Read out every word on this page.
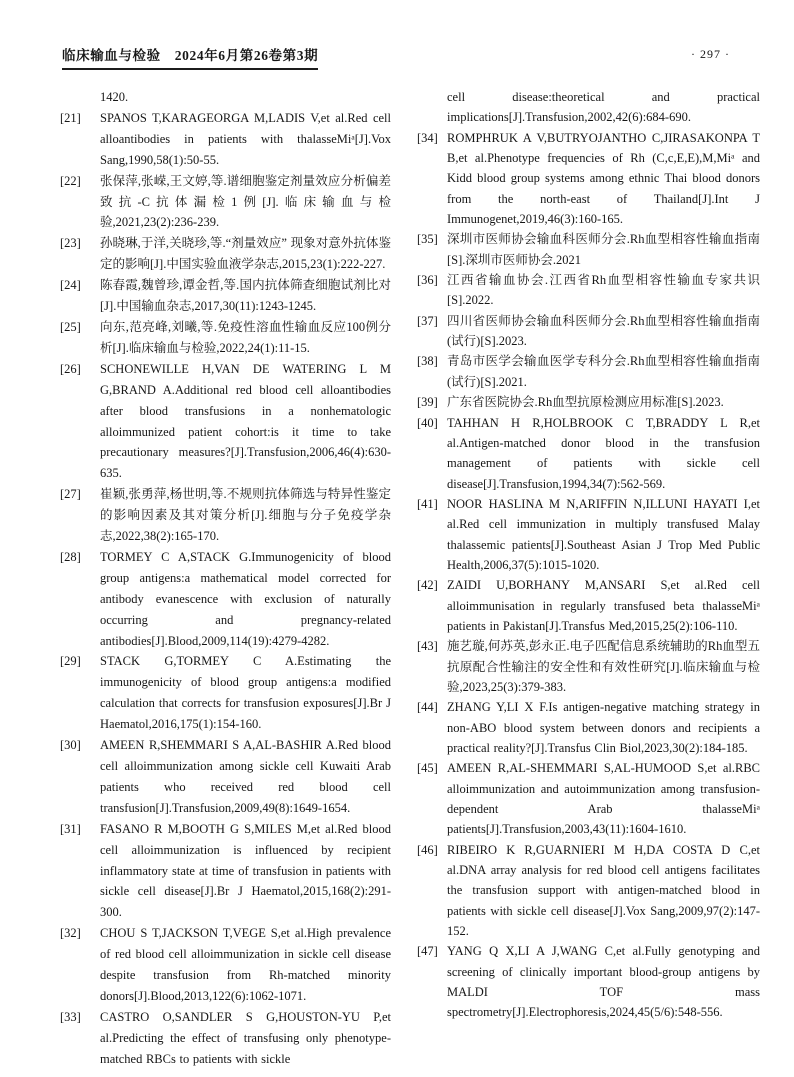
临床输血与检验　2024年6月第26卷第3期	· 297 ·

1420.

[21] SPANOS T,KARAGEORGA M,LADIS V,et al.Red cell alloantibodies in patients with thalasseMiᵃ[J].Vox Sang,1990,58(1):50-55.

[22] 张保萍,张嵘,王文婷,等.谱细胞鉴定剂量效应分析偏差 致抗-C抗体漏检1例[J].临床输血与检验,2021,23(2):236-239.

[23] 孙晓琳,于洋,关晓珍,等.“剂量效应” 现象对意外抗体鉴定的影响[J].中国实验血液学杂志,2015,23(1):222-227.

[24] 陈春霞,魏曾珍,谭金哲,等.国内抗体筛查细胞试剂比对[J].中国输血杂志,2017,30(11):1243-1245.

[25] 向东,范亮峰,刘曦,等.免疫性溶血性输血反应100例分析[J].临床输血与检验,2022,24(1):11-15.

[26] SCHONEWILLE H,VAN DE WATERING L M G,BRAND A.Additional red blood cell alloantibodies after blood transfusions in a nonhematologic alloimmunized patient cohort:is it time to take precautionary measures?[J].Transfusion,2006,46(4):630-635.

[27] 崔颖,张勇萍,杨世明,等.不规则抗体筛选与特异性鉴定的影响因素及其对策分析[J].细胞与分子免疫学杂志,2022,38(2):165-170.

[28] TORMEY C A,STACK G.Immunogenicity of blood group antigens:a mathematical model corrected for antibody evanescence with exclusion of naturally occurring and pregnancy-related antibodies[J].Blood,2009,114(19):4279-4282.

[29] STACK G,TORMEY C A.Estimating the immunogenicity of blood group antigens:a modified calculation that corrects for transfusion exposures[J].Br J Haematol,2016,175(1):154-160.

[30] AMEEN R,SHEMMARI S A,AL-BASHIR A.Red blood cell alloimmunization among sickle cell Kuwaiti Arab patients who received red blood cell transfusion[J].Transfusion,2009,49(8):1649-1654.

[31] FASANO R M,BOOTH G S,MILES M,et al.Red blood cell alloimmunization is influenced by recipient inflammatory state at time of transfusion in patients with sickle cell disease[J].Br J Haematol,2015,168(2):291-300.

[32] CHOU S T,JACKSON T,VEGE S,et al.High prevalence of red blood cell alloimmunization in sickle cell disease despite transfusion from Rh-matched minority donors[J].Blood,2013,122(6):1062-1071.

[33] CASTRO O,SANDLER S G,HOUSTON-YU P,et al.Predicting the effect of transfusing only phenotype-matched RBCs to patients with sickle

cell disease:theoretical and practical implications[J].Transfusion,2002,42(6):684-690.

[34] ROMPHRUK A V,BUTRYOJANTHO C,JIRASAKONPA T B,et al.Phenotype frequencies of Rh (C,c,E,E),M,Miᵃ and Kidd blood group systems among ethnic Thai blood donors from the north-east of Thailand[J].Int J Immunogenet,2019,46(3):160-165.

[35] 深圳市医师协会输血科医师分会.Rh血型相容性输血指南[S].深圳市医师协会.2021

[36] 江西省输血协会.江西省Rh血型相容性输血专家共识[S].2022.

[37] 四川省医师协会输血科医师分会.Rh血型相容性输血指南(试行)[S].2023.

[38] 青岛市医学会输血医学专科分会.Rh血型相容性输血指南(试行)[S].2021.

[39] 广东省医院协会.Rh血型抗原检测应用标准[S].2023.

[40] TAHHAN H R,HOLBROOK C T,BRADDY L R,et al.Antigen-matched donor blood in the transfusion management of patients with sickle cell disease[J].Transfusion,1994,34(7):562-569.

[41] NOOR HASLINA M N,ARIFFIN N,ILLUNI HAYATI I,et al.Red cell immunization in multiply transfused Malay thalassemic patients[J].Southeast Asian J Trop Med Public Health,2006,37(5):1015-1020.

[42] ZAIDI U,BORHANY M,ANSARI S,et al.Red cell alloimmunisation in regularly transfused beta thalasseMiᵃ patients in Pakistan[J].Transfus Med,2015,25(2):106-110.

[43] 施艺璇,何苏英,彭永正.电子匹配信息系统辅助的Rh血型五抗原配合性输注的安全性和有效性研究[J].临床输血与检验,2023,25(3):379-383.

[44] ZHANG Y,LI X F.Is antigen-negative matching strategy in non-ABO blood system between donors and recipients a practical reality?[J].Transfus Clin Biol,2023,30(2):184-185.

[45] AMEEN R,AL-SHEMMARI S,AL-HUMOOD S,et al.RBC alloimmunization and autoimmunization among transfusion-dependent Arab thalasseMiᵃ patients[J].Transfusion,2003,43(11):1604-1610.

[46] RIBEIRO K R,GUARNIERI M H,DA COSTA D C,et al.DNA array analysis for red blood cell antigens facilitates the transfusion support with antigen-matched blood in patients with sickle cell disease[J].Vox Sang,2009,97(2):147-152.

[47] YANG Q X,LI A J,WANG C,et al.Fully genotyping and screening of clinically important blood-group antigens by MALDI TOF mass spectrometry[J].Electrophoresis,2024,45(5/6):548-556.
